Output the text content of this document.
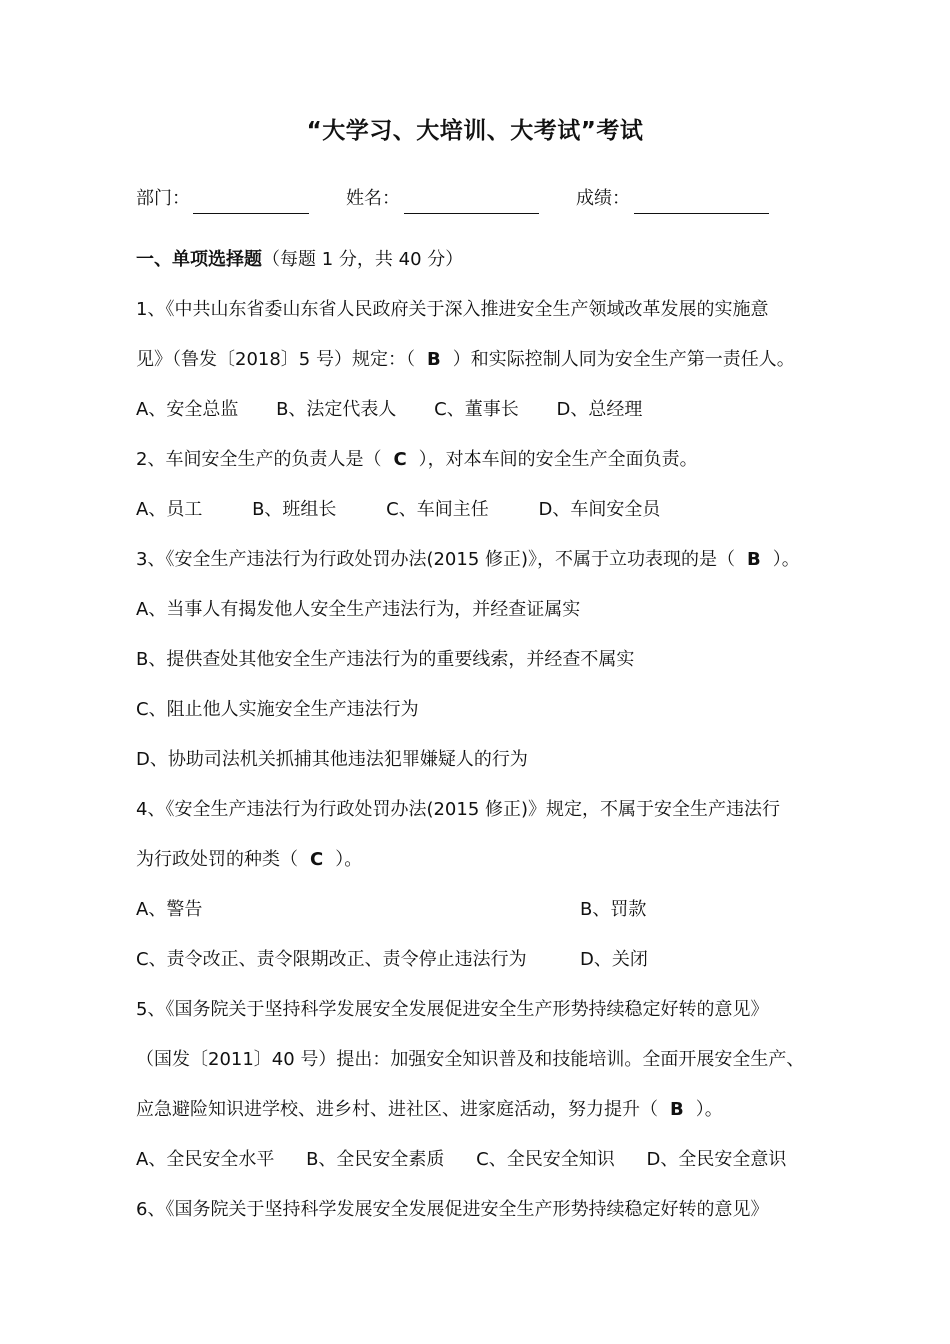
“大学习、大培训、大考试”考试
部门：	姓名：	成绩：
一、单项选择题（每题 1 分，共 40 分）
1、《中共山东省委山东省人民政府关于深入推进安全生产领域改革发展的实施意
见》（鲁发〔2018〕5 号）规定：（ B ）和实际控制人同为安全生产第一责任人。
A、安全总监 B、法定代表人 C、董事长 D、总经理
2、车间安全生产的负责人是（ C ），对本车间的安全生产全面负责。
A、员工	B、班组长	C、车间主任	D、车间安全员
3、《安全生产违法行为行政处罚办法(2015 修正)》，不属于立功表现的是（ B ）。
A、当事人有揭发他人安全生产违法行为，并经查证属实
B、提供查处其他安全生产违法行为的重要线索，并经查不属实
C、阻止他人实施安全生产违法行为
D、协助司法机关抓捕其他违法犯罪嫌疑人的行为
4、《安全生产违法行为行政处罚办法(2015 修正)》规定，不属于安全生产违法行
为行政处罚的种类（ C ）。
A、警告	B、罚款
C、责令改正、责令限期改正、责令停止违法行为	D、关闭
5、《国务院关于坚持科学发展安全发展促进安全生产形势持续稳定好转的意见》
（国发〔2011〕40 号）提出：加强安全知识普及和技能培训。全面开展安全生产、
应急避险知识进学校、进乡村、进社区、进家庭活动，努力提升（ B ）。
A、全民安全水平 B、全民安全素质 C、全民安全知识 D、全民安全意识
6、《国务院关于坚持科学发展安全发展促进安全生产形势持续稳定好转的意见》
